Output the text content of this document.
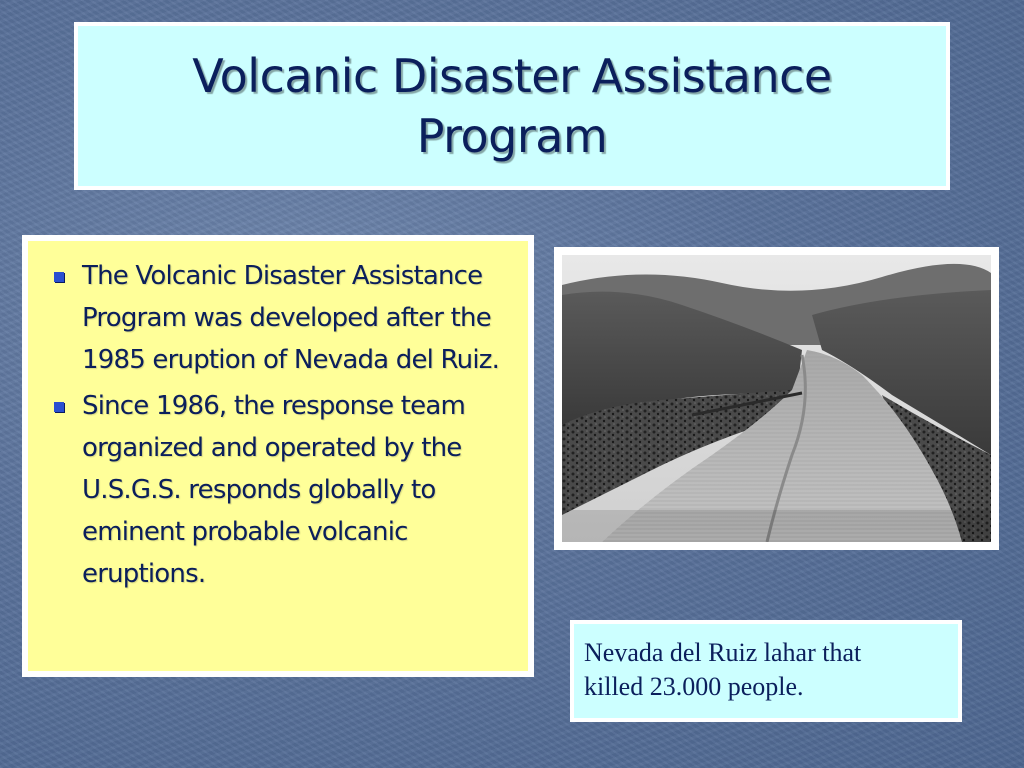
Volcanic Disaster Assistance Program
The Volcanic Disaster Assistance Program was developed after the 1985 eruption of Nevada del Ruiz.
Since 1986, the response team organized and operated by the U.S.G.S. responds globally to eminent probable volcanic eruptions.

Nevada del Ruiz lahar that
killed 23.000 people.
